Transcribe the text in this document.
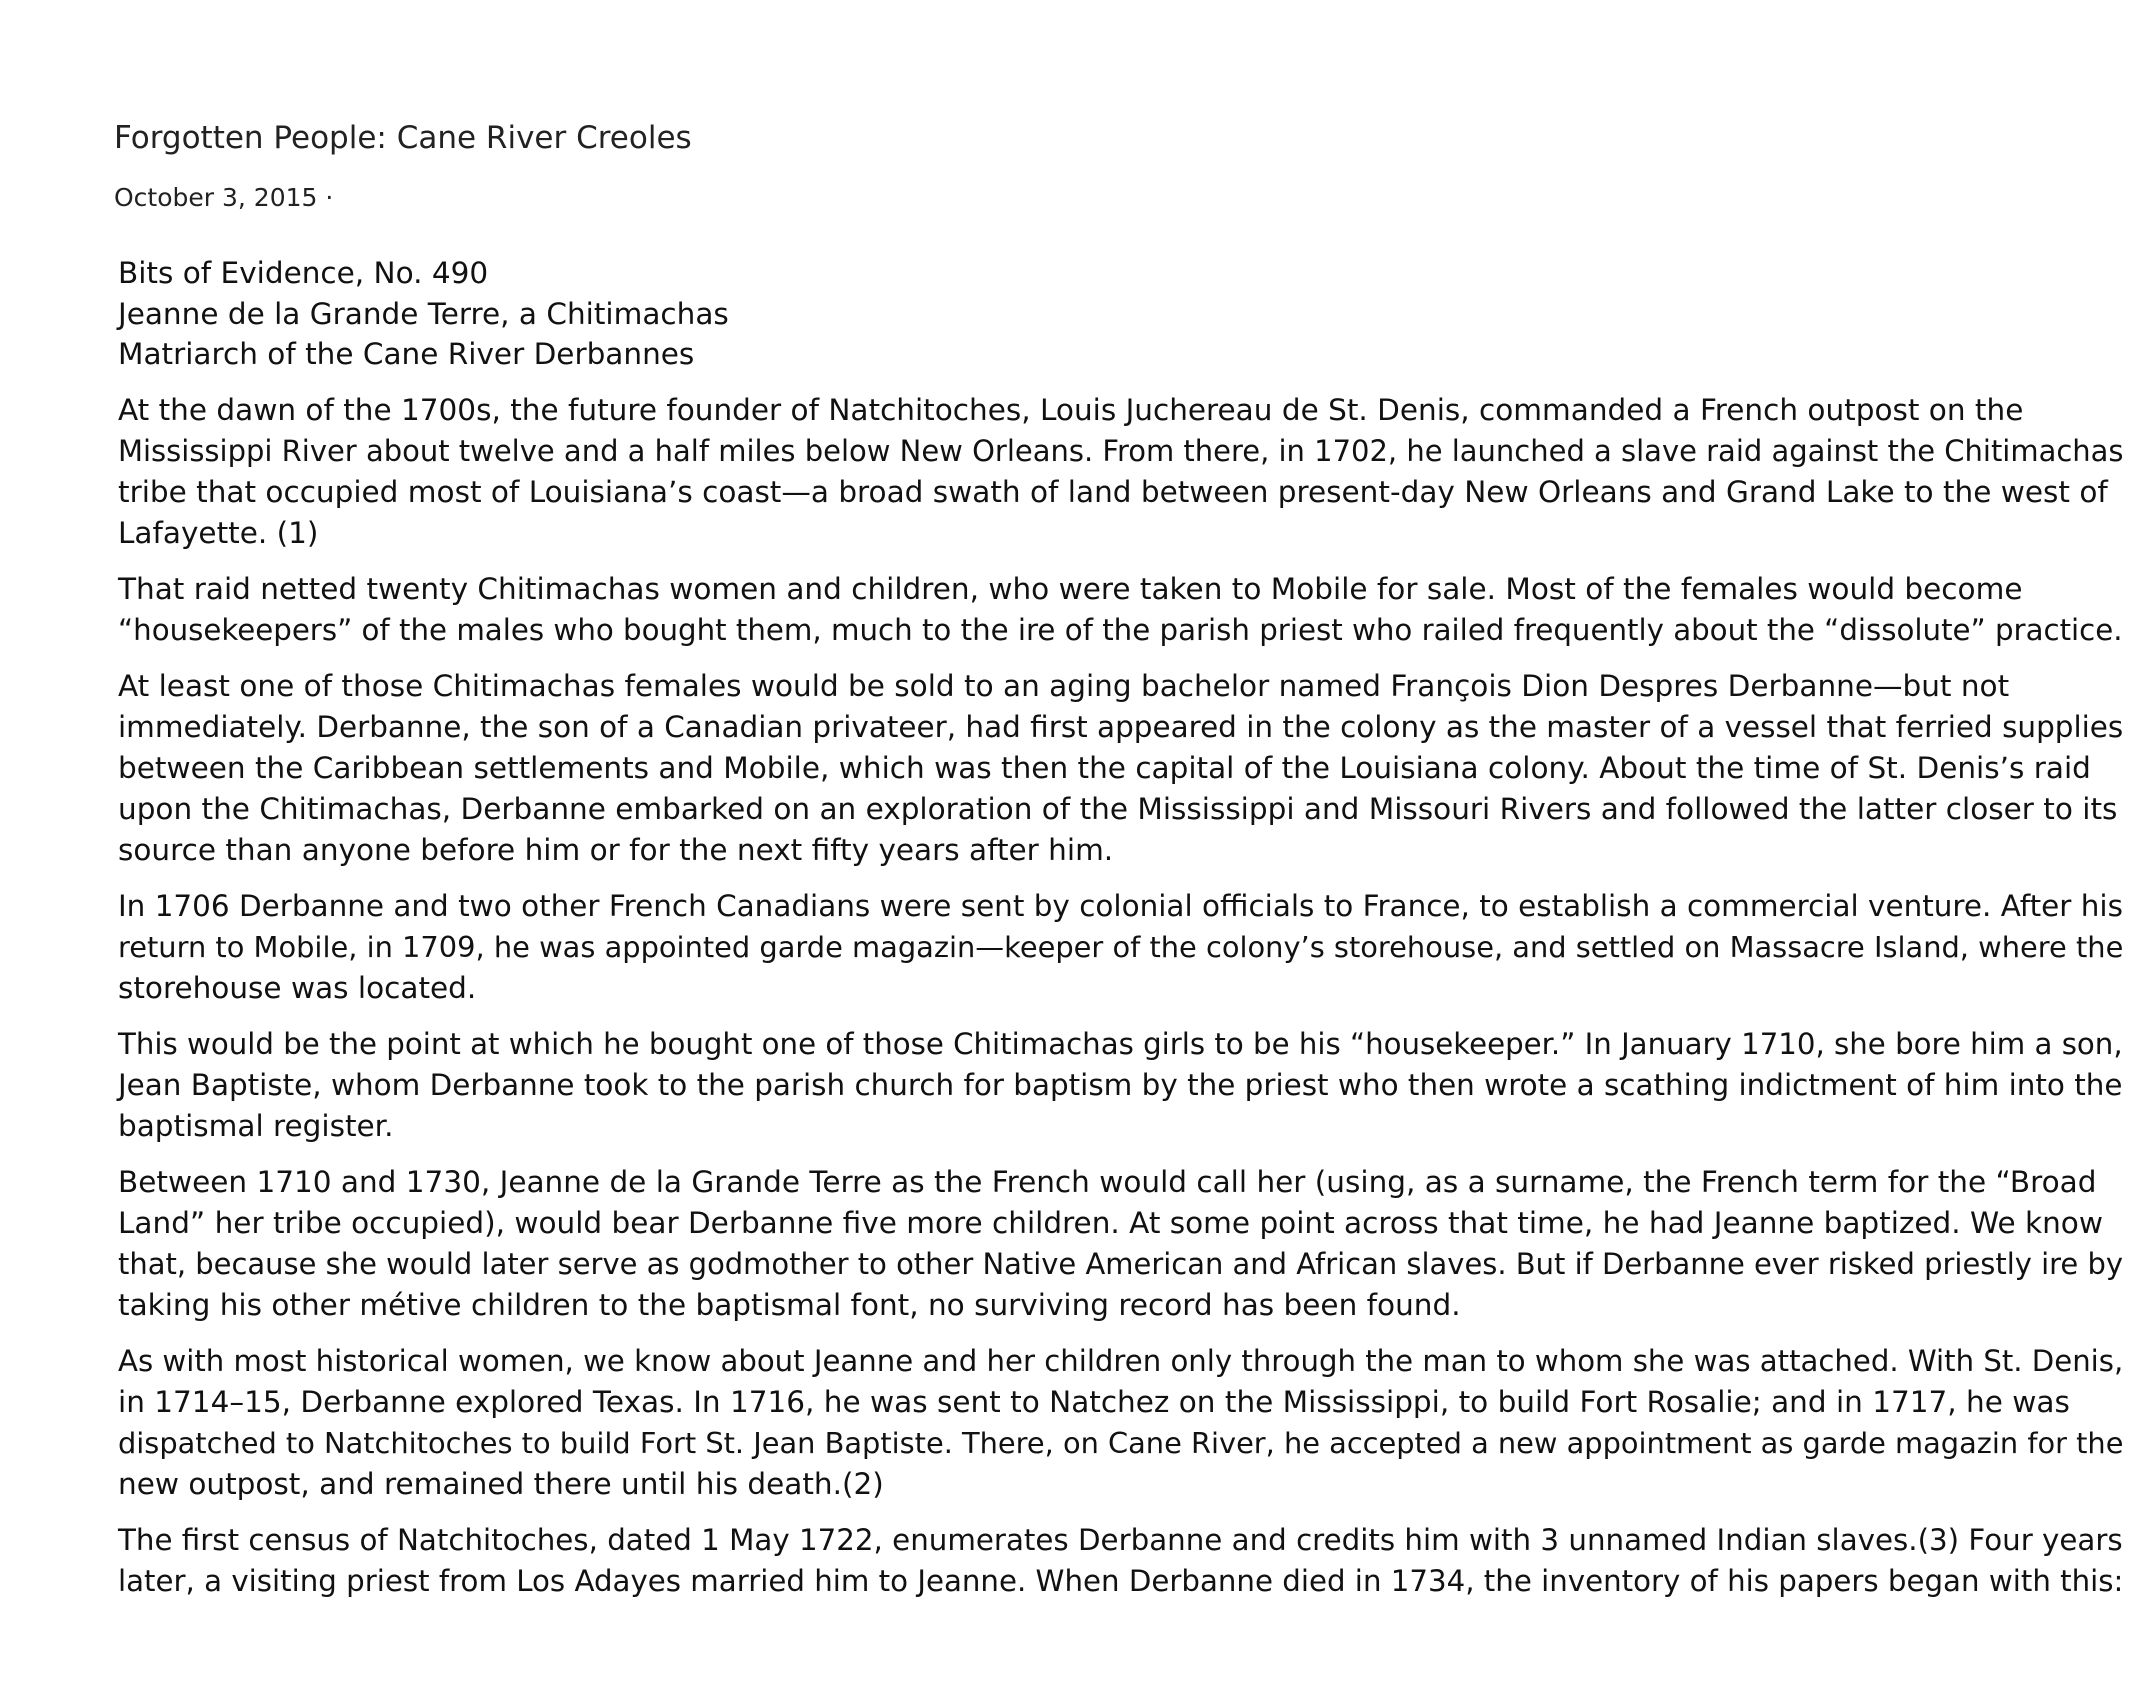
Forgotten People: Cane River Creoles
October 3, 2015 ·
Bits of Evidence, No. 490
Jeanne de la Grande Terre, a Chitimachas
Matriarch of the Cane River Derbannes
At the dawn of the 1700s, the future founder of Natchitoches, Louis Juchereau de St. Denis, commanded a French outpost on the
Mississippi River about twelve and a half miles below New Orleans. From there, in 1702, he launched a slave raid against the Chitimachas
tribe that occupied most of Louisiana’s coast—a broad swath of land between present-day New Orleans and Grand Lake to the west of
Lafayette. (1)
That raid netted twenty Chitimachas women and children, who were taken to Mobile for sale. Most of the females would become
“housekeepers” of the males who bought them, much to the ire of the parish priest who railed frequently about the “dissolute” practice.
At least one of those Chitimachas females would be sold to an aging bachelor named François Dion Despres Derbanne—but not
immediately. Derbanne, the son of a Canadian privateer, had first appeared in the colony as the master of a vessel that ferried supplies
between the Caribbean settlements and Mobile, which was then the capital of the Louisiana colony. About the time of St. Denis’s raid
upon the Chitimachas, Derbanne embarked on an exploration of the Mississippi and Missouri Rivers and followed the latter closer to its
source than anyone before him or for the next fifty years after him.
In 1706 Derbanne and two other French Canadians were sent by colonial officials to France, to establish a commercial venture. After his
return to Mobile, in 1709, he was appointed garde magazin—keeper of the colony’s storehouse, and settled on Massacre Island, where the
storehouse was located.
This would be the point at which he bought one of those Chitimachas girls to be his “housekeeper.” In January 1710, she bore him a son,
Jean Baptiste, whom Derbanne took to the parish church for baptism by the priest who then wrote a scathing indictment of him into the
baptismal register.
Between 1710 and 1730, Jeanne de la Grande Terre as the French would call her (using, as a surname, the French term for the “Broad
Land” her tribe occupied), would bear Derbanne five more children. At some point across that time, he had Jeanne baptized. We know
that, because she would later serve as godmother to other Native American and African slaves. But if Derbanne ever risked priestly ire by
taking his other métive children to the baptismal font, no surviving record has been found.
As with most historical women, we know about Jeanne and her children only through the man to whom she was attached. With St. Denis,
in 1714–15, Derbanne explored Texas. In 1716, he was sent to Natchez on the Mississippi, to build Fort Rosalie; and in 1717, he was
dispatched to Natchitoches to build Fort St. Jean Baptiste. There, on Cane River, he accepted a new appointment as garde magazin for the
new outpost, and remained there until his death.(2)
The first census of Natchitoches, dated 1 May 1722, enumerates Derbanne and credits him with 3 unnamed Indian slaves.(3) Four years
later, a visiting priest from Los Adayes married him to Jeanne. When Derbanne died in 1734, the inventory of his papers began with this:
